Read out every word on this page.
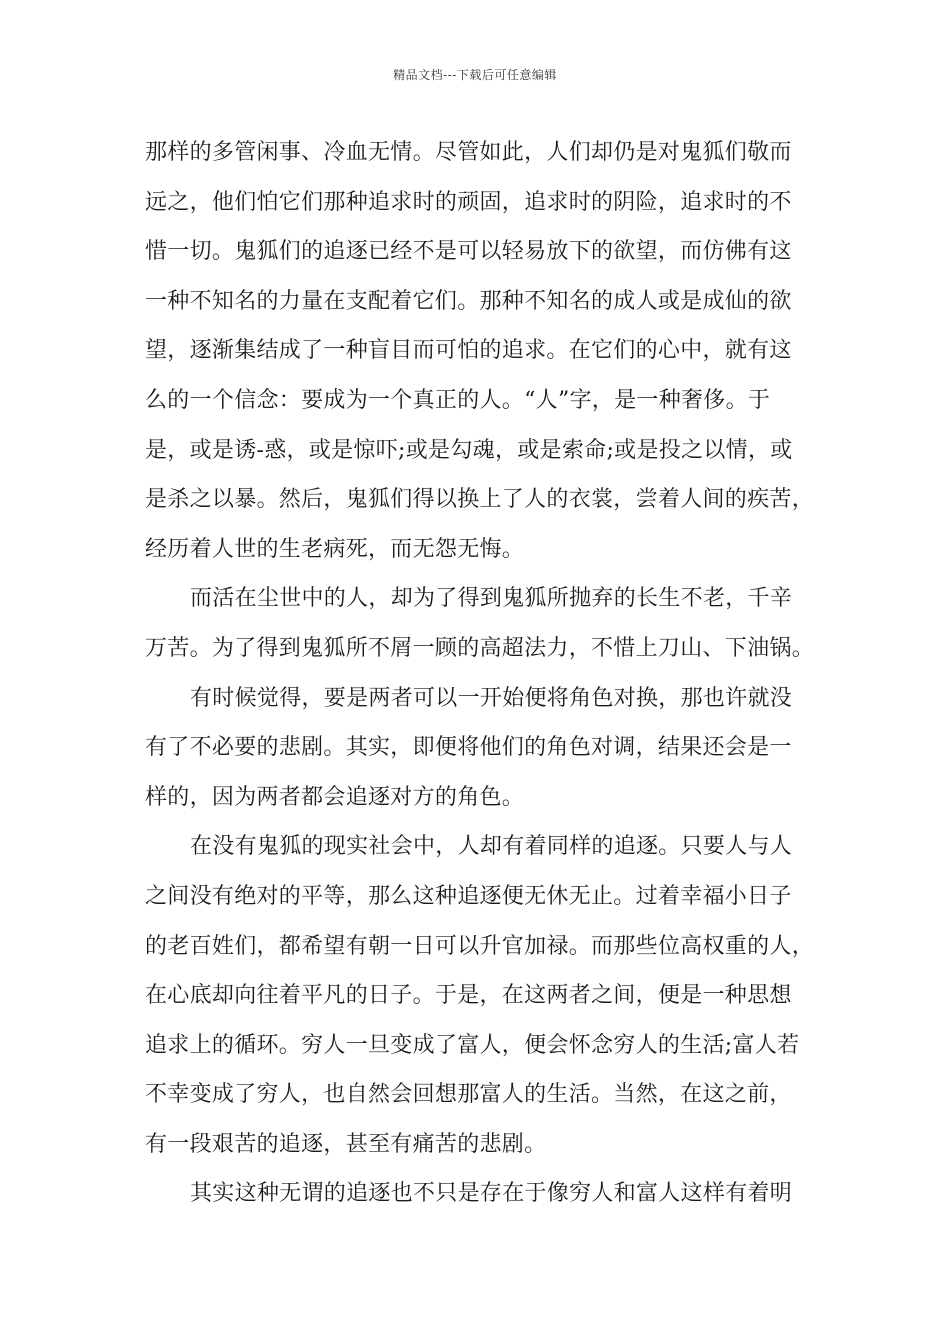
精品文档---下载后可任意编辑
那样的多管闲事、冷血无情。尽管如此，人们却仍是对鬼狐们敬而
远之，他们怕它们那种追求时的顽固，追求时的阴险，追求时的不
惜一切。鬼狐们的追逐已经不是可以轻易放下的欲望，而仿佛有这
一种不知名的力量在支配着它们。那种不知名的成人或是成仙的欲
望，逐渐集结成了一种盲目而可怕的追求。在它们的心中，就有这
么的一个信念：要成为一个真正的人。“人”字，是一种奢侈。于
是，或是诱-惑，或是惊吓;或是勾魂，或是索命;或是投之以情，或
是杀之以暴。然后，鬼狐们得以换上了人的衣裳，尝着人间的疾苦，
经历着人世的生老病死，而无怨无悔。
而活在尘世中的人，却为了得到鬼狐所抛弃的长生不老，千辛
万苦。为了得到鬼狐所不屑一顾的高超法力，不惜上刀山、下油锅。
有时候觉得，要是两者可以一开始便将角色对换，那也许就没
有了不必要的悲剧。其实，即便将他们的角色对调，结果还会是一
样的，因为两者都会追逐对方的角色。
在没有鬼狐的现实社会中，人却有着同样的追逐。只要人与人
之间没有绝对的平等，那么这种追逐便无休无止。过着幸福小日子
的老百姓们，都希望有朝一日可以升官加禄。而那些位高权重的人，
在心底却向往着平凡的日子。于是，在这两者之间，便是一种思想
追求上的循环。穷人一旦变成了富人，便会怀念穷人的生活;富人若
不幸变成了穷人，也自然会回想那富人的生活。当然，在这之前，
有一段艰苦的追逐，甚至有痛苦的悲剧。
其实这种无谓的追逐也不只是存在于像穷人和富人这样有着明
